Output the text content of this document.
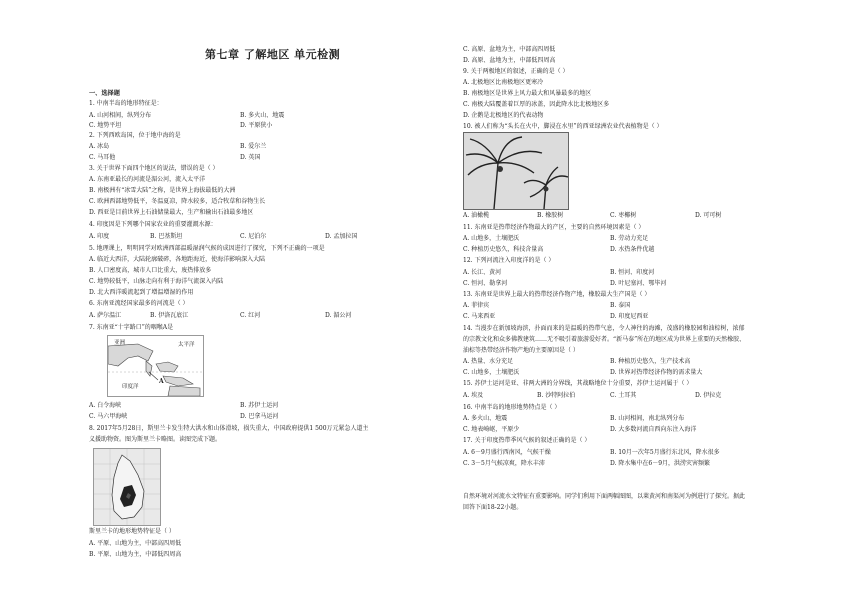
第七章 了解地区 单元检测
一、选择题
亚洲	太平洋
A
印度洋
1. 中南半岛的地形特征是：
A. 山河相间，纵列分布	B. 多火山、地震
C. 地势平坦	D. 平原狭小
2. 下列西欧岛国，位于地中海的是
A. 冰岛	B. 爱尔兰
C. 马耳他	D. 英国
3. 关于世界下面四个地区的说法，错误的是（ ）
A. 东南亚最长的河流是湄公河，流入太平洋
B. 南极洲有“冰雪大陆”之称，是世界上海拔最低的大洲
C. 欧洲西部地势低平，冬温夏凉，降水较多，适合牧草和谷物生长
D. 西亚是目前世界上石油储量最大，生产和输出石油最多地区
4. 印度因是下列哪个国家农业的重要灌溉水源：
A. 印度	B. 巴基斯坦	C. 尼泊尔	D. 孟加拉国
5. 地理课上，明明同学对欧洲西部温暖湿润气候的成因进行了探究，下列不正确的一项是
A. 临近大西洋，大陆轮廓破碎，各地距海近，使海洋影响深入大陆
B. 人口密度高，城市人口比重大，废热排放多
C. 地势较低平，山脉走向有利于海洋气流深入内陆
D. 北大西洋暖流起到了增温增湿的作用
6. 东南亚流经国家最多的河流是（ ）
A. 萨尔温江	B. 伊洛瓦底江	C. 红河	D. 湄公河
7. 东南亚“十字路口”的咽喉A是
A. 白令海峡	B. 苏伊士运河
C. 马六甲海峡	D. 巴拿马运河
8. 2017年5月28日，斯里兰卡发生特大洪水和山体滑坡，损失重大，中国政府提供1 500万元紧急人道主
义援助物资。图为斯里兰卡略图。读图完成下题。
斯里兰卡的地形地势特征是（ ）
A. 平原、山地为主，中部高四周低
B. 平原、山地为主，中部低四周高
C. 高原、盆地为主，中部高四周低
D. 高原、盆地为主，中部低四周高
9. 关于两极地区的叙述，正确的是（ ）
A. 北极地区比南极地区更寒冷
B. 南极地区是世界上风力最大和风暴最多的地区
C. 南极大陆覆盖着巨厚的冰盖，因此降水比北极地区多
D. 企鹅是北极地区的代表动物
10. 被人们称为“头长在火中，脚浸在水里”的西亚绿洲农业代表植物是（ ）
A. 油橄榄	B. 橡胶树	C. 枣椰树	D. 可可树
11. 东南亚是热带经济作物最大的产区，主要的自然环境因素是（ ）
A. 山地多，土壤肥沃	B. 劳动力充足
C. 种植历史悠久，科技含量高	D. 水热条件优越
12. 下列河流注入印度洋的是（ ）
A. 长江、黄河	B. 恒河、印度河
C. 恒河、勒拿河	D. 叶尼塞河、鄂毕河
13. 东南亚是世界上最大的热带经济作物产地，橡胶最大生产国是（ ）
A. 菲律宾	B. 泰国
C. 马来西亚	D. 印度尼西亚
14. 当漫步在新加坡海滨，扑面而来的是温暖的热带气息，令人神往的海滩，茂盛的橡胶园和油棕树，浓郁
的宗教文化和众多佛教建筑……无不吸引着旅游爱好者。“新马泰”所在的地区成为世界上重要的天然橡胶、
油棕等热带经济作物产地的主要原因是（ ）
A. 热量、水分充足	B. 种植历史悠久，生产技术高
C. 山地多，土壤肥沃	D. 世界对热带经济作物的需求量大
15. 苏伊士运河是亚、非两大洲的分界线，其战略地位十分重要，苏伊士运河属于（ ）
A. 埃及	B. 沙特阿拉伯	C. 土耳其	D. 伊拉克
16. 中南半岛的地形地势特点是（ ）
A. 多火山、地震	B. 山河相间，南北纵列分布
C. 地表崎岖，平原少	D. 大多数河流自西向东注入海洋
17. 关于印度热带季风气候的叙述正确的是（ ）
A. 6－9月盛行西南风，气候干燥	B. 10月一次年5月盛行东北风，降水很多
C. 3－5月气候凉爽，降水丰沛	D. 降水集中在6－9月，洪涝灾害频繁
自然环境对河流水文特征有重要影响。同学们利用下面两幅图图，以莱黄河和南渠河为例进行了探究。据此
回答下面18-22小题。
